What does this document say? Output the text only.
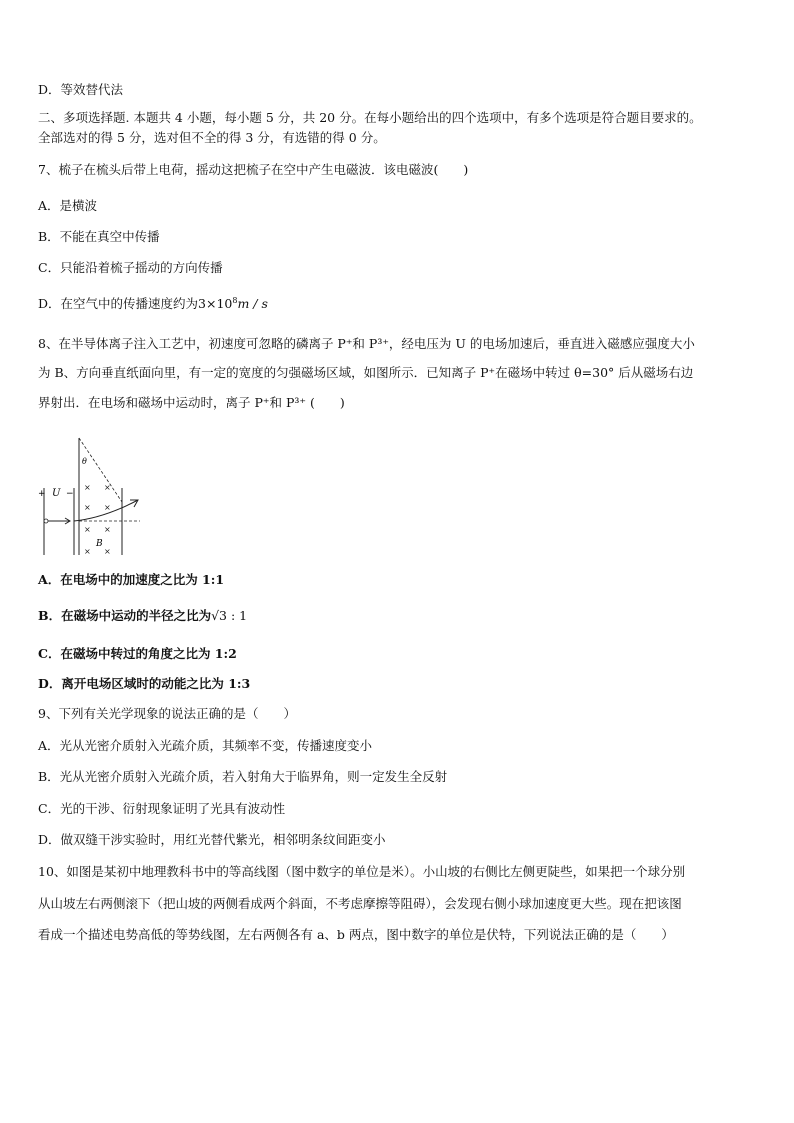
D．等效替代法
二、多项选择题. 本题共 4 小题，每小题 5 分，共 20 分。在每小题给出的四个选项中，有多个选项是符合题目要求的。
全部选对的得 5 分，选对但不全的得 3 分，有选错的得 0 分。
7、梳子在梳头后带上电荷，摇动这把梳子在空中产生电磁波．该电磁波(　　)
A．是横波
B．不能在真空中传播
C．只能沿着梳子摇动的方向传播
D．在空气中的传播速度约为$3\times 10^8m / s$
8、在半导体离子注入工艺中，初速度可忽略的磷离子 P⁺和 P³⁺，经电压为 U 的电场加速后，垂直进入磁感应强度大小
为 B、方向垂直纸面向里，有一定的宽度的匀强磁场区域，如图所示．已知离子 P⁺在磁场中转过 θ=30° 后从磁场右边
界射出．在电场和磁场中运动时，离子 P⁺和 P³⁺ (　　)
+ U −
θ
B
× ×
× ×
× ×
× ×
A．在电场中的加速度之比为 1:1
B．在磁场中运动的半径之比为√3 : 1
C．在磁场中转过的角度之比为 1:2
D．离开电场区域时的动能之比为 1:3
9、下列有关光学现象的说法正确的是（　　）
A．光从光密介质射入光疏介质，其频率不变，传播速度变小
B．光从光密介质射入光疏介质，若入射角大于临界角，则一定发生全反射
C．光的干涉、衍射现象证明了光具有波动性
D．做双缝干涉实验时，用红光替代紫光，相邻明条纹间距变小
10、如图是某初中地理教科书中的等高线图（图中数字的单位是米）。小山坡的右侧比左侧更陡些，如果把一个球分别
从山坡左右两侧滚下（把山坡的两侧看成两个斜面，不考虑摩擦等阻碍），会发现右侧小球加速度更大些。现在把该图
看成一个描述电势高低的等势线图，左右两侧各有 a、b 两点，图中数字的单位是伏特，下列说法正确的是（　　）
